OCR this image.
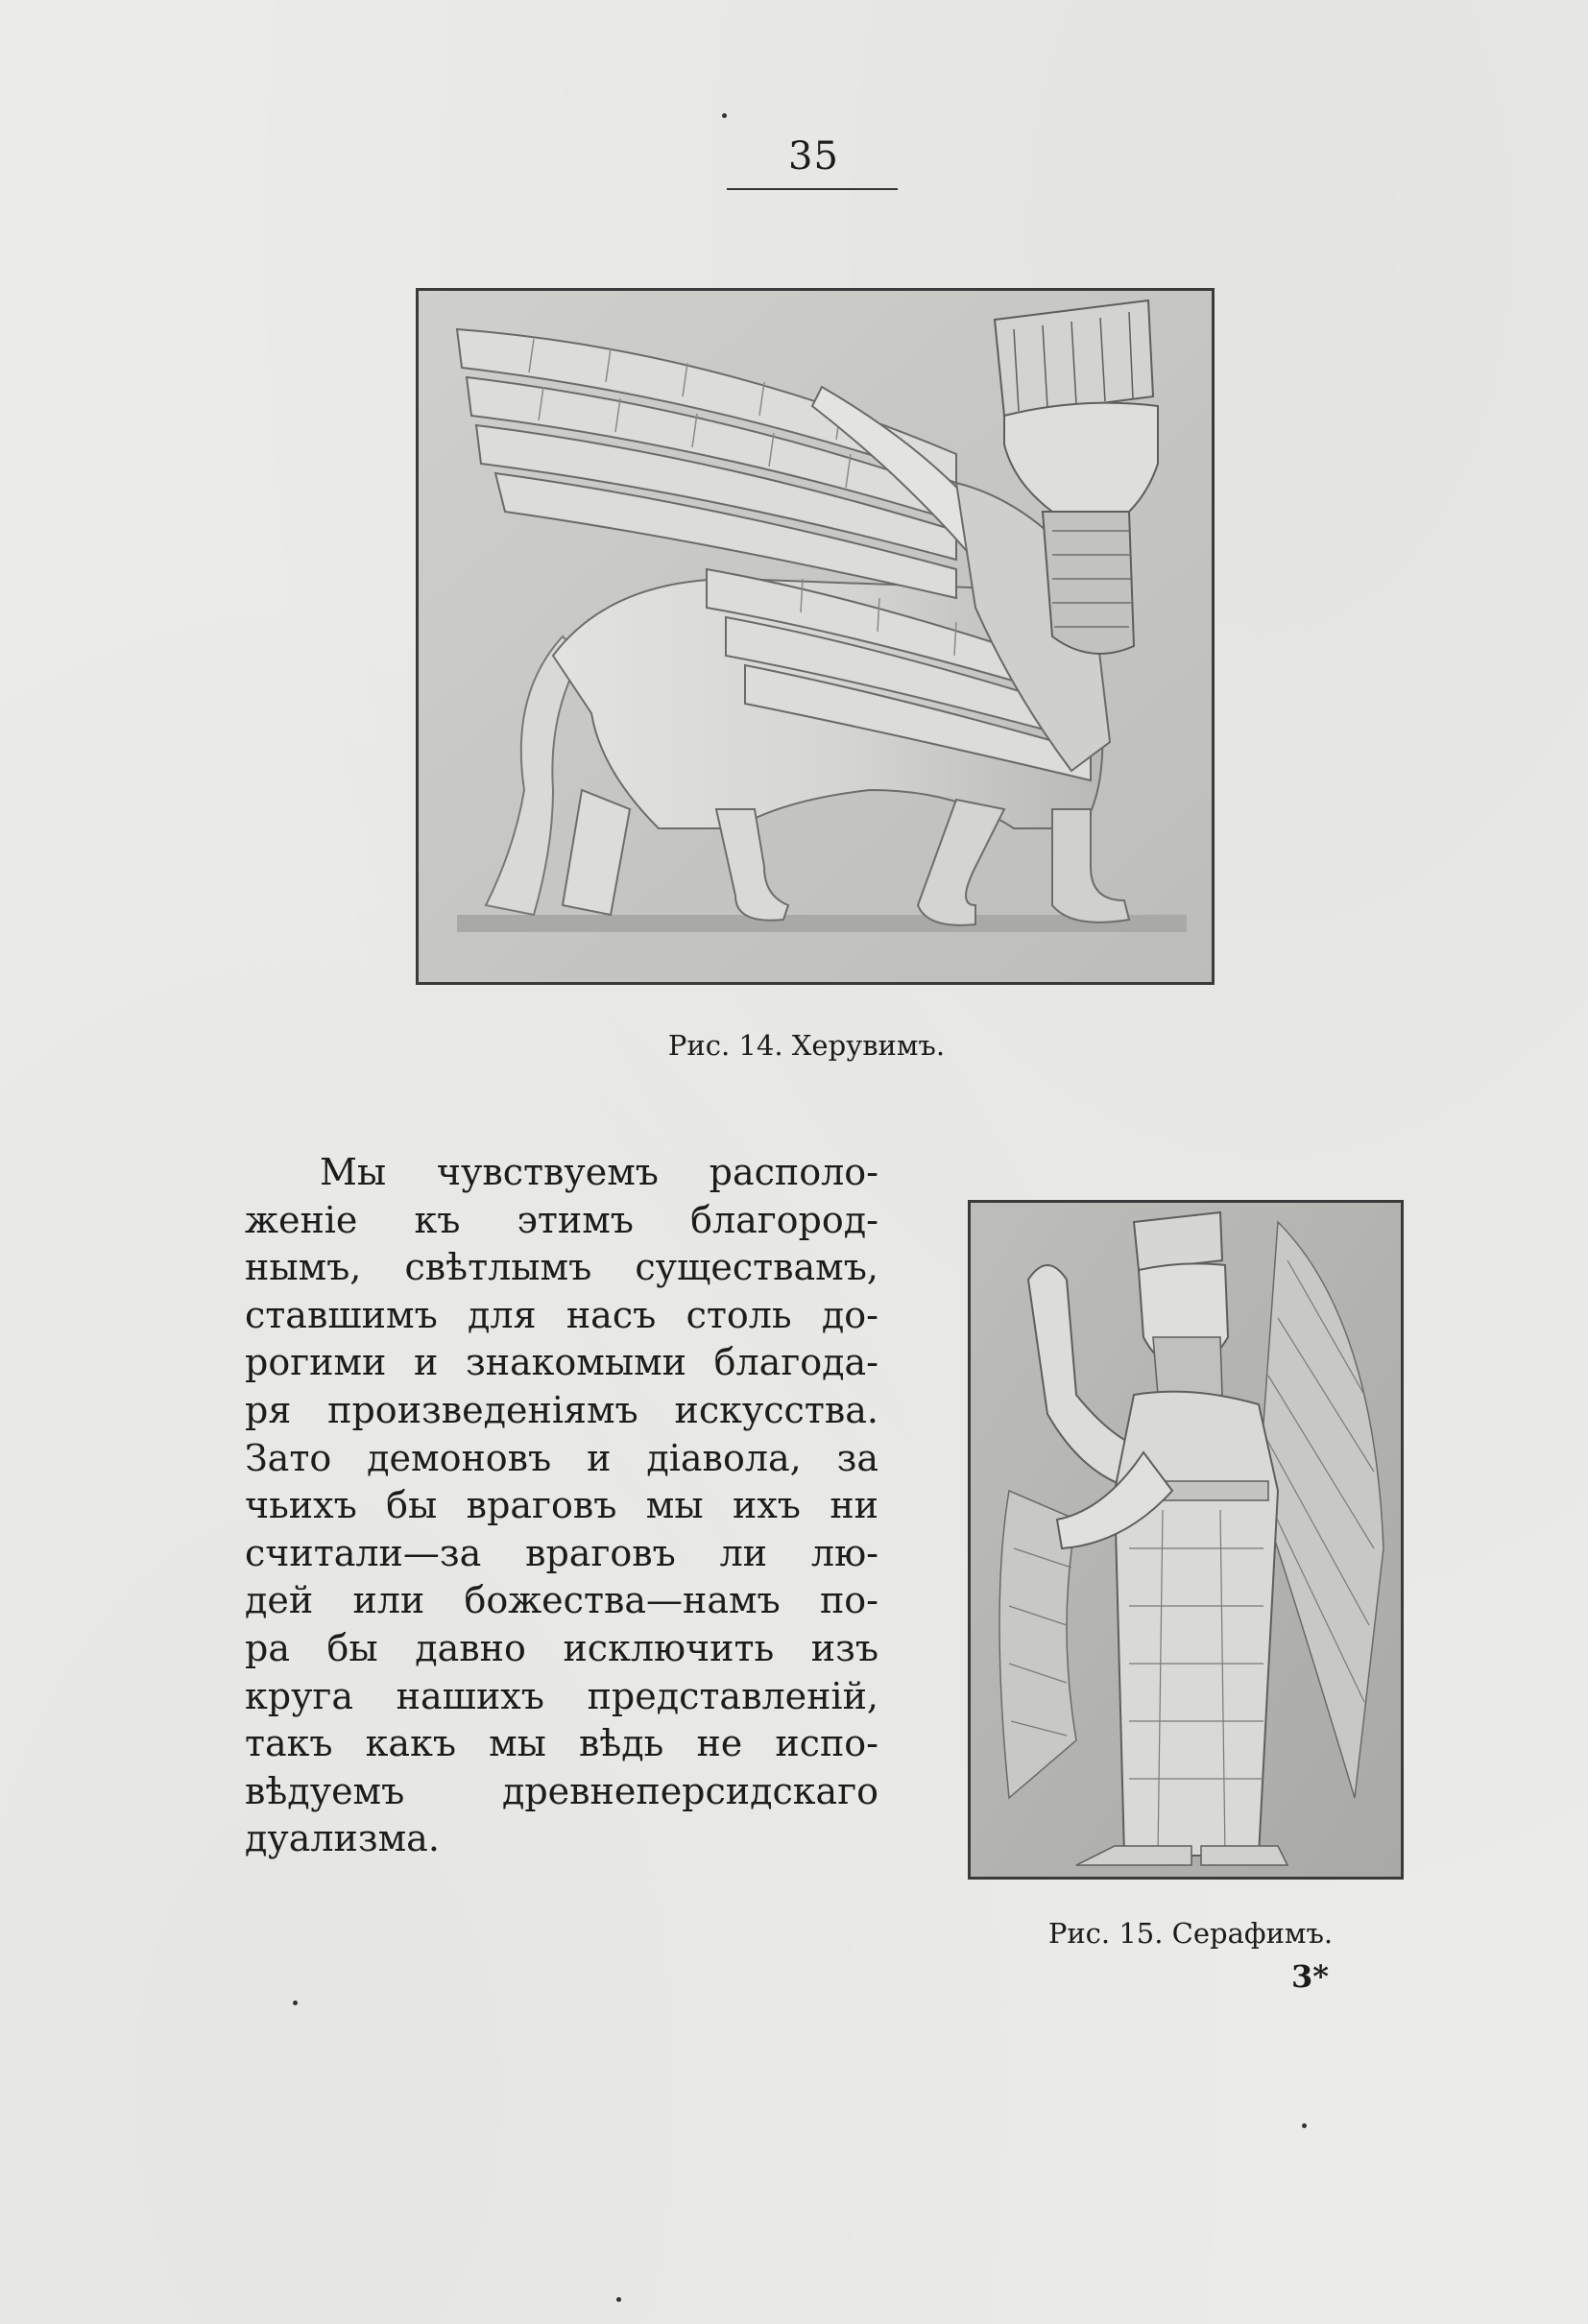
35
Рис. 14. Херувимъ.
Мы чувствуемъ располо-
женіе къ этимъ благород-
нымъ, свѣтлымъ существамъ,
ставшимъ для насъ столь до-
рогими и знакомыми благода-
ря произведеніямъ искусства.
Зато демоновъ и діавола, за
чьихъ бы враговъ мы ихъ ни
считали—за враговъ ли лю-
дей или божества—намъ по-
ра бы давно исключить изъ
круга нашихъ представленій,
такъ какъ мы вѣдь не испо-
вѣдуемъ древнеперсидскаго
дуализма.
Рис. 15. Серафимъ.
3*
